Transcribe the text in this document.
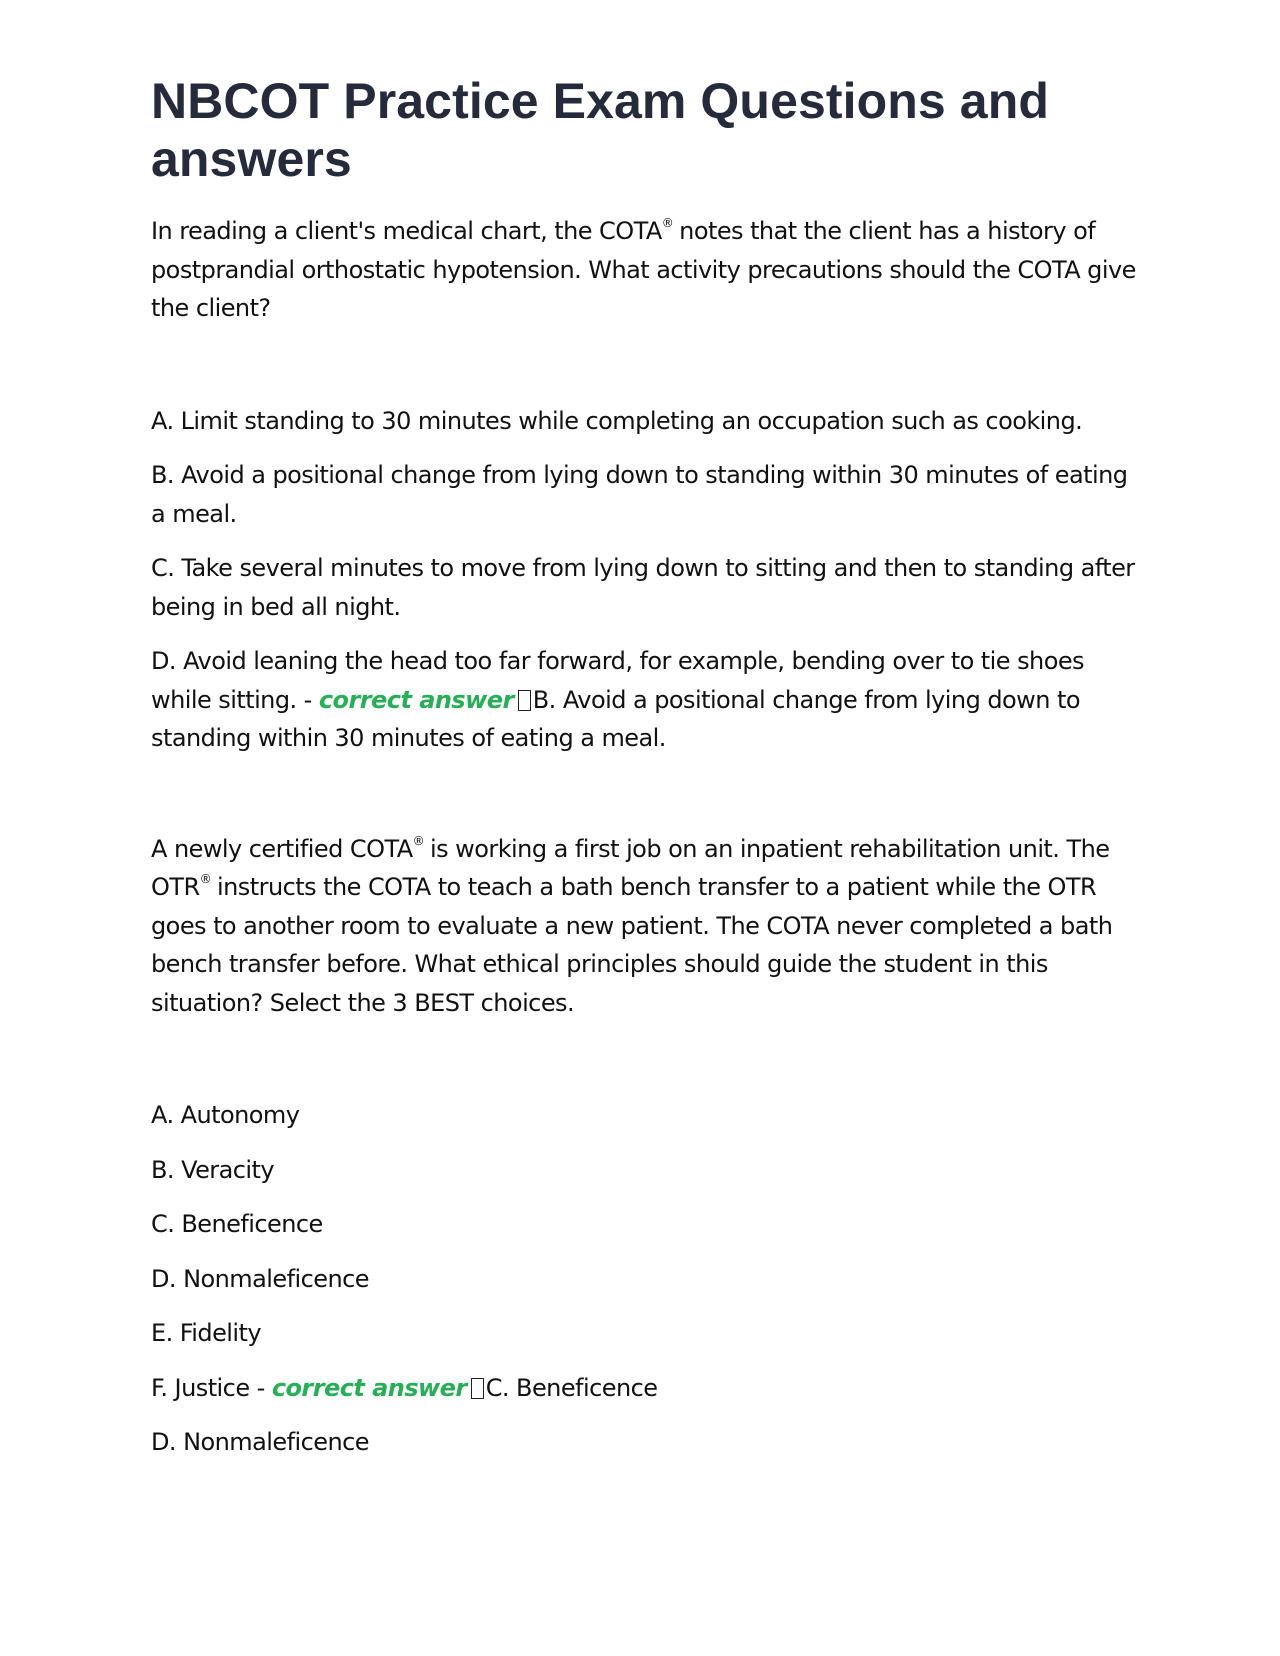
NBCOT Practice Exam Questions and answers

In reading a client's medical chart, the COTA® notes that the client has a history of postprandial orthostatic hypotension. What activity precautions should the COTA give the client?

A. Limit standing to 30 minutes while completing an occupation such as cooking.

B. Avoid a positional change from lying down to standing within 30 minutes of eating a meal.

C. Take several minutes to move from lying down to sitting and then to standing after being in bed all night.

D. Avoid leaning the head too far forward, for example, bending over to tie shoes while sitting. - correct answer B. Avoid a positional change from lying down to standing within 30 minutes of eating a meal.

A newly certified COTA® is working a first job on an inpatient rehabilitation unit. The OTR® instructs the COTA to teach a bath bench transfer to a patient while the OTR goes to another room to evaluate a new patient. The COTA never completed a bath bench transfer before. What ethical principles should guide the student in this situation? Select the 3 BEST choices.

A. Autonomy

B. Veracity

C. Beneficence

D. Nonmaleficence

E. Fidelity

F. Justice - correct answer C. Beneficence

D. Nonmaleficence
